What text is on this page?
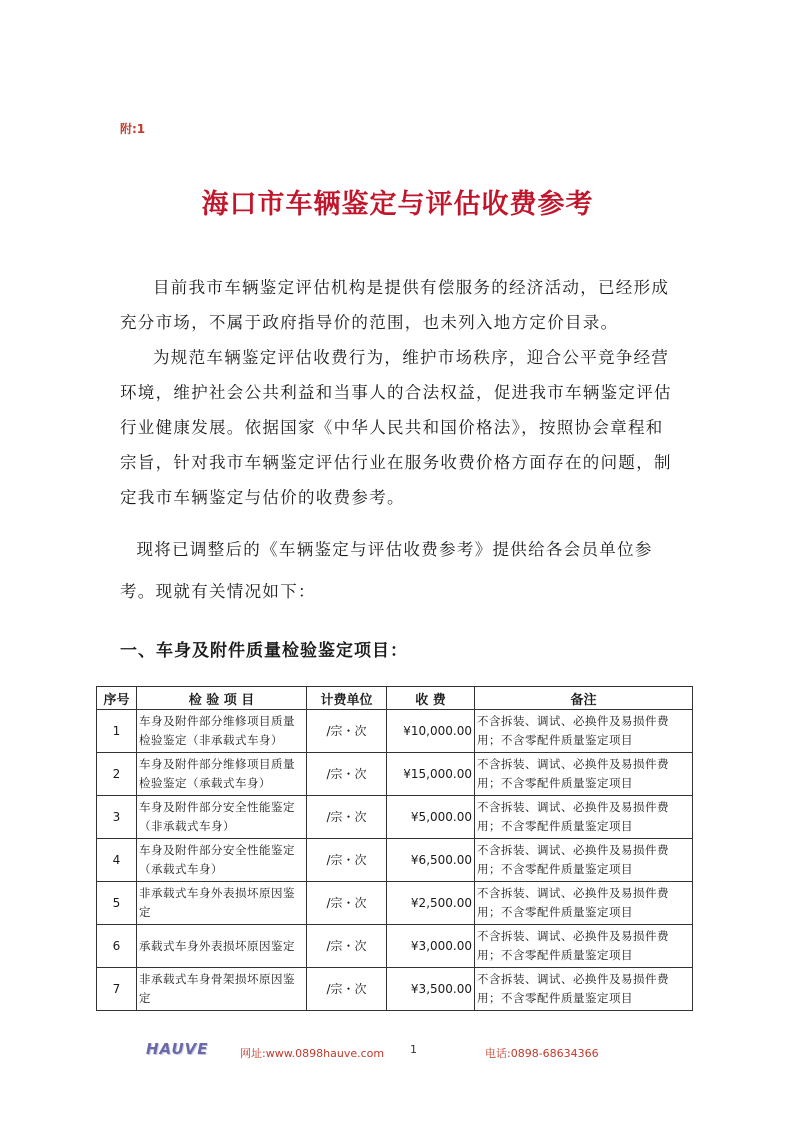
附:1
海口市车辆鉴定与评估收费参考

目前我市车辆鉴定评估机构是提供有偿服务的经济活动，已经形成充分市场，不属于政府指导价的范围，也未列入地方定价目录。

为规范车辆鉴定评估收费行为，维护市场秩序，迎合公平竞争经营环境，维护社会公共利益和当事人的合法权益，促进我市车辆鉴定评估行业健康发展。依据国家《中华人民共和国价格法》，按照协会章程和宗旨，针对我市车辆鉴定评估行业在服务收费价格方面存在的问题，制定我市车辆鉴定与估价的收费参考。

现将已调整后的《车辆鉴定与评估收费参考》提供给各会员单位参考。现就有关情况如下：

一、车身及附件质量检验鉴定项目：
序号	检 验 项 目	计费单位	收 费	备注
1	车身及附件部分维修项目质量检验鉴定（非承载式车身）	/宗・次	¥10,000.00	不含拆装、调试、必换件及易损件费用；不含零配件质量鉴定项目
2	车身及附件部分维修项目质量检验鉴定（承载式车身）	/宗・次	¥15,000.00	不含拆装、调试、必换件及易损件费用；不含零配件质量鉴定项目
3	车身及附件部分安全性能鉴定（非承载式车身）	/宗・次	¥5,000.00	不含拆装、调试、必换件及易损件费用；不含零配件质量鉴定项目
4	车身及附件部分安全性能鉴定（承载式车身）	/宗・次	¥6,500.00	不含拆装、调试、必换件及易损件费用；不含零配件质量鉴定项目
5	非承载式车身外表损坏原因鉴定	/宗・次	¥2,500.00	不含拆装、调试、必换件及易损件费用；不含零配件质量鉴定项目
6	承载式车身外表损坏原因鉴定	/宗・次	¥3,000.00	不含拆装、调试、必换件及易损件费用；不含零配件质量鉴定项目
7	非承载式车身骨架损坏原因鉴定	/宗・次	¥3,500.00	不含拆装、调试、必换件及易损件费用；不含零配件质量鉴定项目
HAUVE	网址:www.0898hauve.com 1	电话:0898-68634366
